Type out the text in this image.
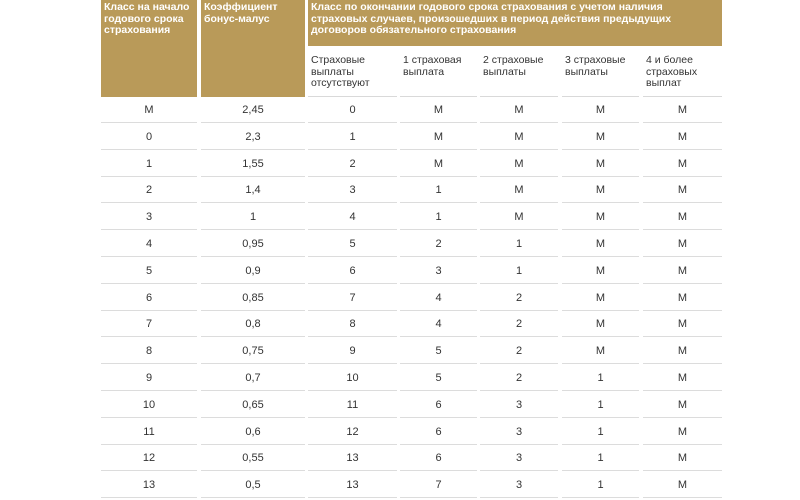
Класс на начало годового срока страхования
Коэффициент бонус-малус
Класс по окончании годового срока страхования с учетом наличия страховых случаев, произошедших в период действия предыдущих договоров обязательного страхования
Страховые выплаты отсутствуют
1 страховая выплата
2 страховые выплаты
3 страховые выплаты
4 и более страховых выплат
М	2,45	0	М	М	М	М
0	2,3	1	М	М	М	М
1	1,55	2	М	М	М	М
2	1,4	3	1	М	М	М
3	1	4	1	М	М	М
4	0,95	5	2	1	М	М
5	0,9	6	3	1	М	М
6	0,85	7	4	2	М	М
7	0,8	8	4	2	М	М
8	0,75	9	5	2	М	М
9	0,7	10	5	2	1	М
10	0,65	11	6	3	1	М
11	0,6	12	6	3	1	М
12	0,55	13	6	3	1	М
13	0,5	13	7	3	1	М
